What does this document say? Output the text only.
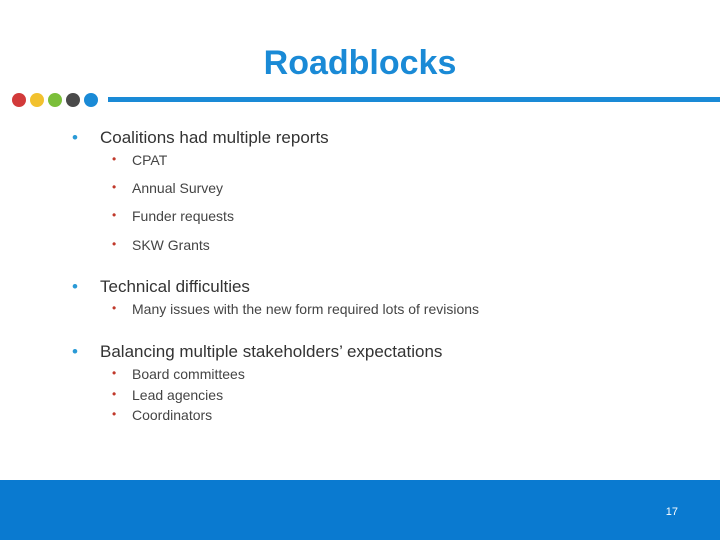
Roadblocks
• Coalitions had multiple reports
• CPAT
• Annual Survey
• Funder requests
• SKW Grants
• Technical difficulties
• Many issues with the new form required lots of revisions
• Balancing multiple stakeholders’ expectations
• Board committees
• Lead agencies
• Coordinators
17
